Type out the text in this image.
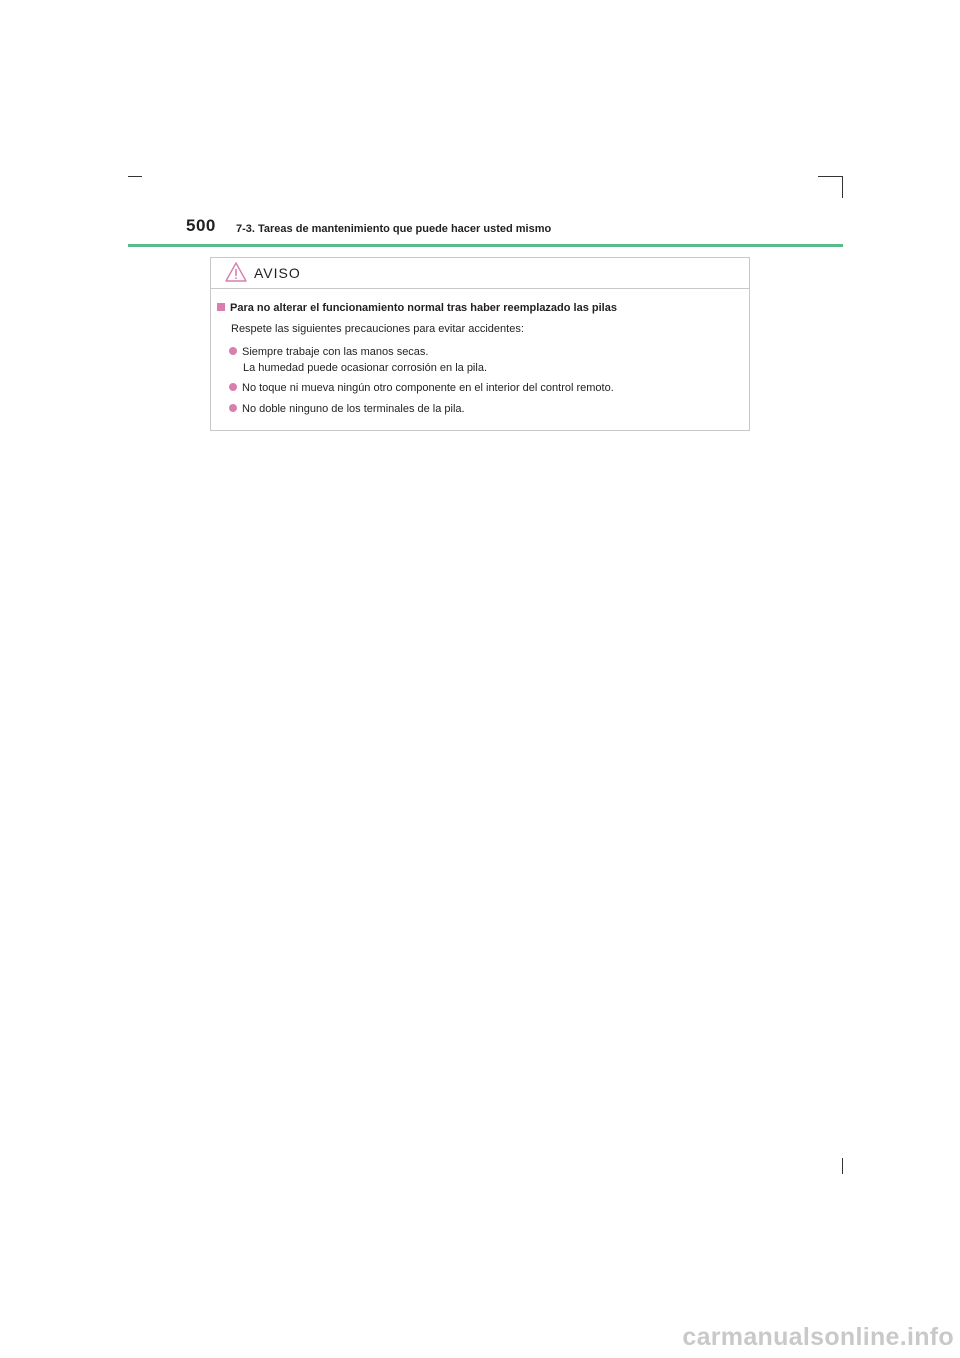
500 7-3. Tareas de mantenimiento que puede hacer usted mismo
AVISO
Para no alterar el funcionamiento normal tras haber reemplazado las pilas
Respete las siguientes precauciones para evitar accidentes:
Siempre trabaje con las manos secas.
La humedad puede ocasionar corrosión en la pila.
No toque ni mueva ningún otro componente en el interior del control remoto.
No doble ninguno de los terminales de la pila.
carmanualsonline.info
